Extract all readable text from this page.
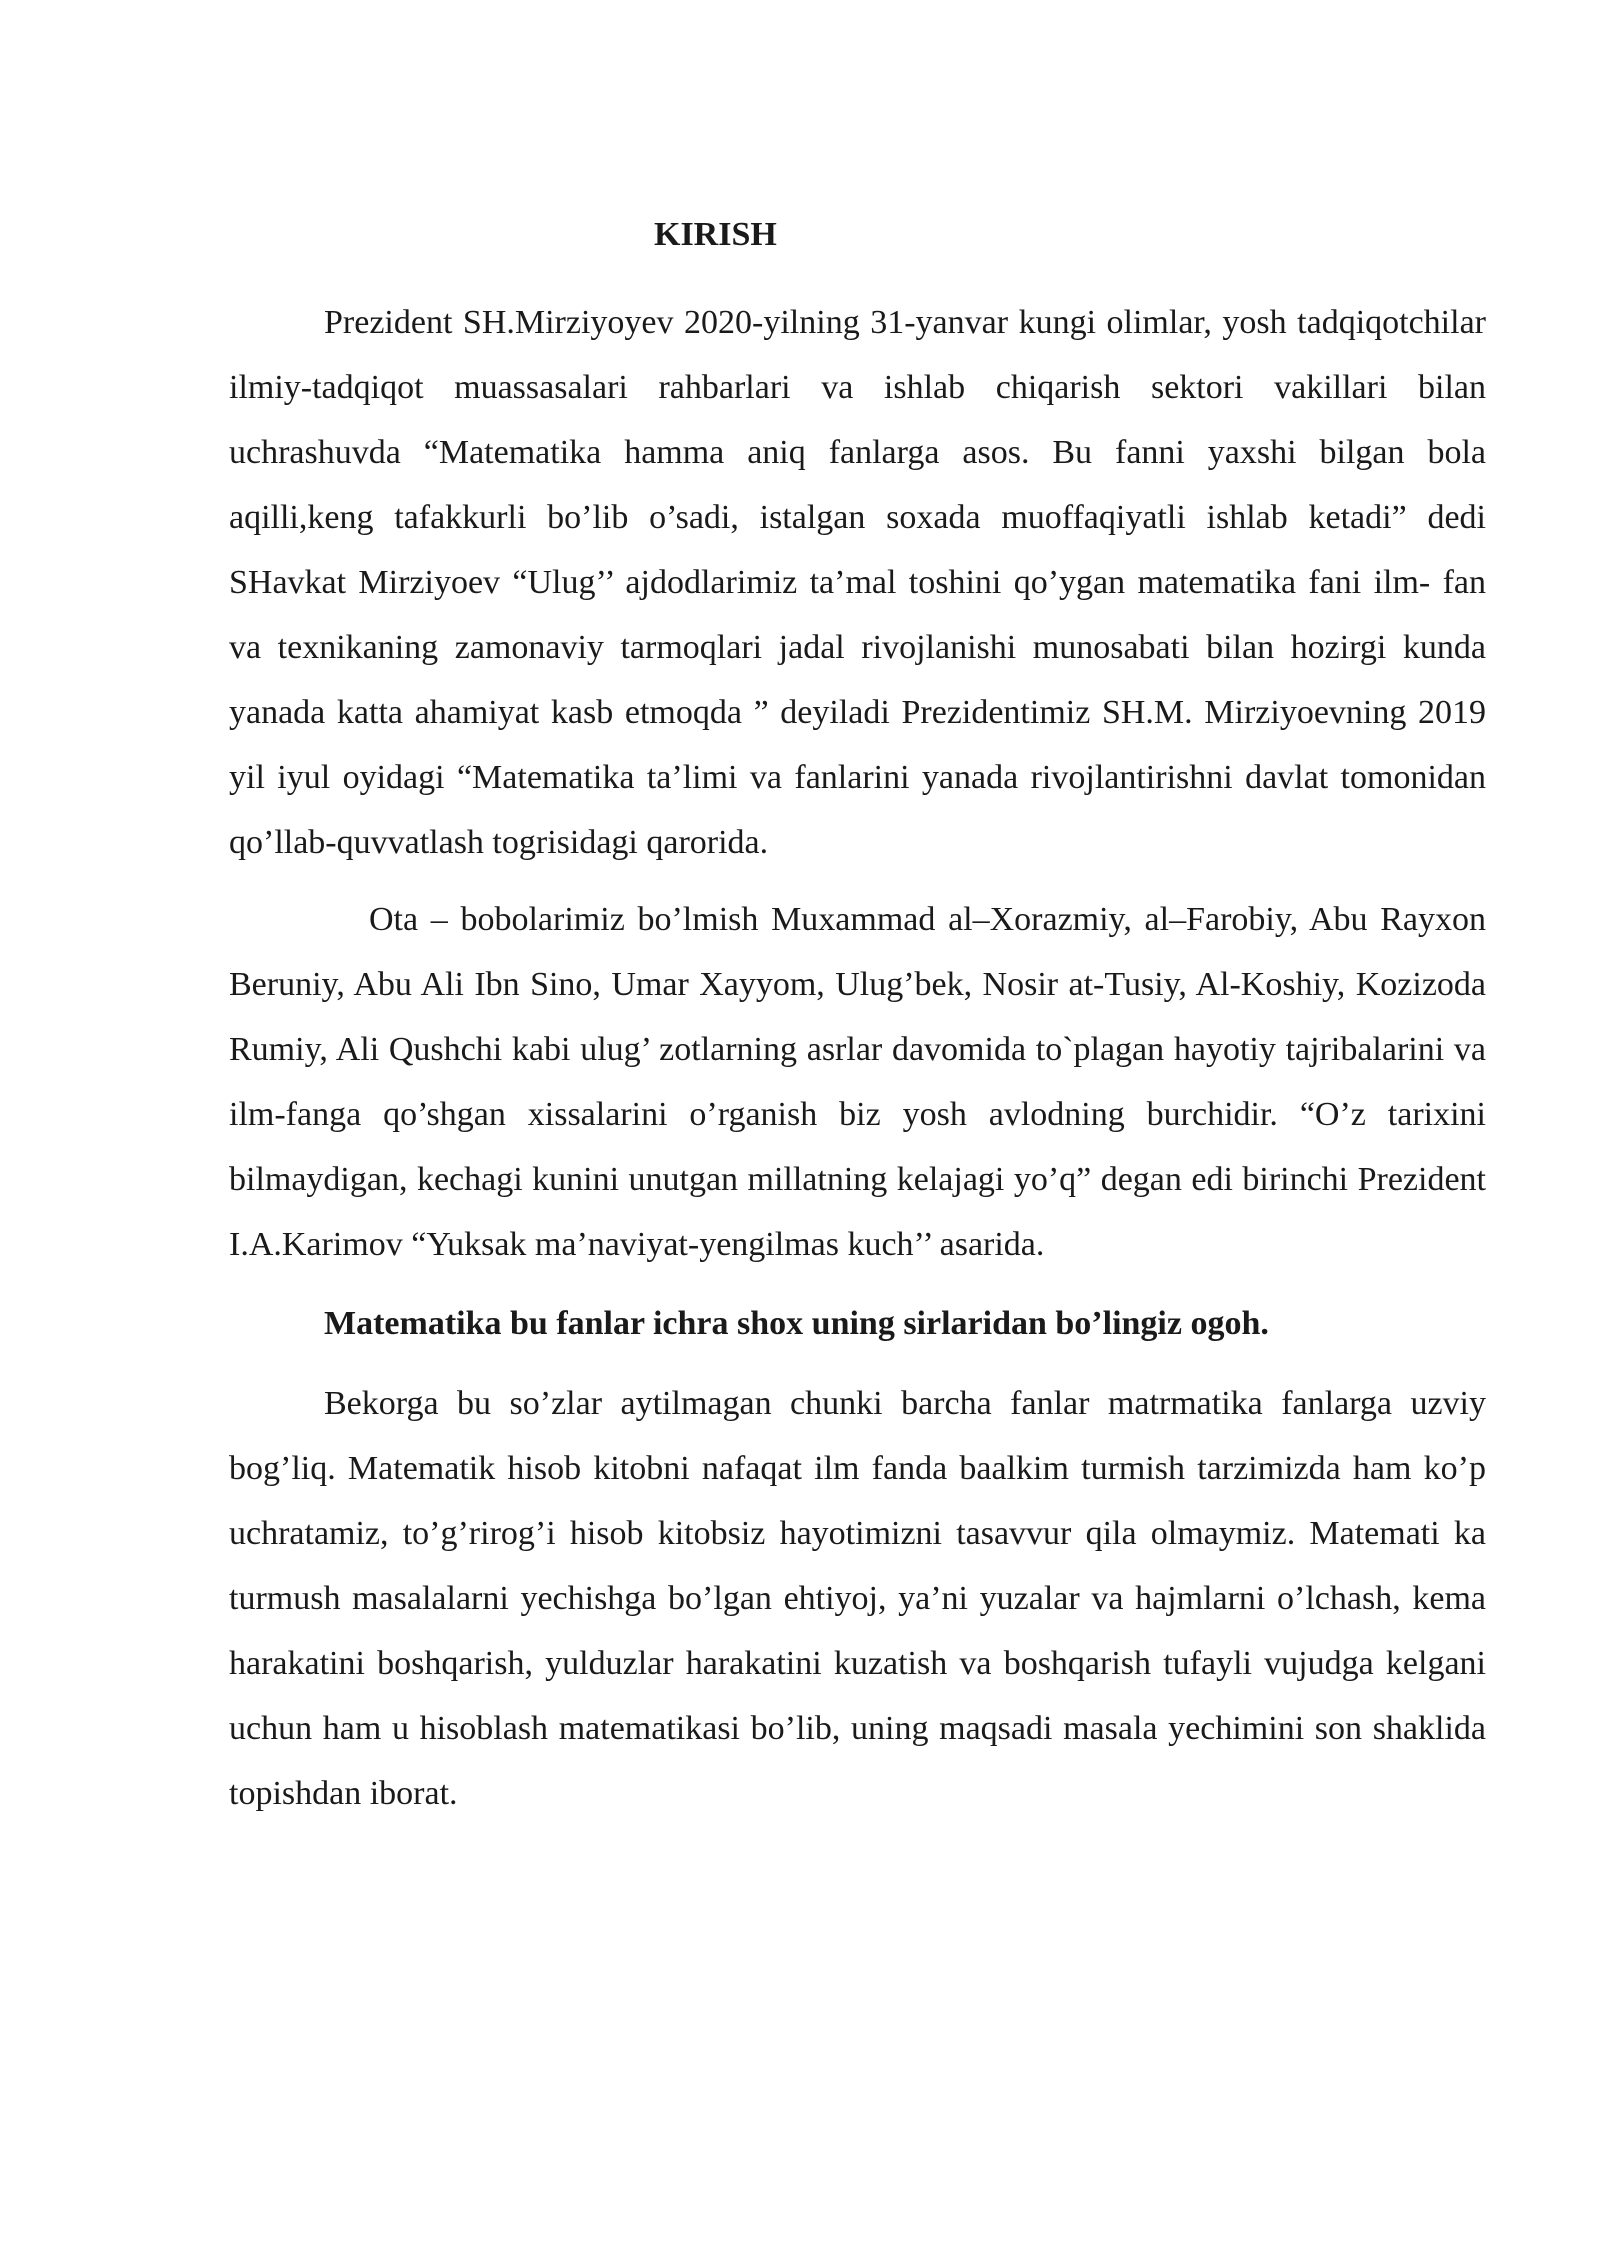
KIRISH

Prezident SH.Mirziyoyev 2020-yilning 31-yanvar kungi olimlar, yosh tadqiqotchilar ilmiy-tadqiqot muassasalari rahbarlari va ishlab chiqarish sektori vakillari bilan uchrashuvda “Matematika hamma aniq fanlarga asos. Bu fanni yaxshi bilgan bola aqilli,keng tafakkurli bo’lib o’sadi, istalgan soxada muoffaqiyatli ishlab ketadi” dedi SHavkat Mirziyoev “Ulug’’ ajdodlarimiz ta’mal toshini qo’ygan matematika fani ilm- fan va texnikaning zamonaviy tarmoqlari jadal rivojlanishi munosabati bilan hozirgi kunda yanada katta ahamiyat kasb etmoqda ” deyiladi Prezidentimiz SH.M. Mirziyoevning 2019 yil iyul oyidagi “Matematika ta’limi va fanlarini yanada rivojlantirishni davlat tomonidan qo’llab-quvvatlash togrisidagi qarorida.

Ota – bobolarimiz bo’lmish Muxammad al–Xorazmiy, al–Farobiy, Abu Rayxon Beruniy, Abu Ali Ibn Sino, Umar Xayyom, Ulug’bek, Nosir at-Tusiy, Al-Koshiy, Kozizoda Rumiy, Ali Qushchi kabi ulug’ zotlarning asrlar davomida to`plagan hayotiy tajribalarini va ilm-fanga qo’shgan xissalarini o’rganish biz yosh avlodning burchidir. “O’z tarixini bilmaydigan, kechagi kunini unutgan millatning kelajagi yo’q” degan edi birinchi Prezident I.A.Karimov “Yuksak ma’naviyat-yengilmas kuch’’ asarida.

Matematika bu fanlar ichra shox uning sirlaridan bo’lingiz ogoh.

Bekorga bu so’zlar aytilmagan chunki barcha fanlar matrmatika fanlarga uzviy bog’liq. Matematik hisob kitobni nafaqat ilm fanda baalkim turmish tarzimizda ham ko’p uchratamiz, to’g’rirog’i hisob kitobsiz hayotimizni tasavvur qila olmaymiz. Matemati ka turmush masalalarni yechishga bo’lgan ehtiyoj, ya’ni yuzalar va hajmlarni o’lchash, kema harakatini boshqarish, yulduzlar harakatini kuzatish va boshqarish tufayli vujudga kelgani uchun ham u hisoblash matematikasi bo’lib, uning maqsadi masala yechimini son shaklida topishdan iborat.
